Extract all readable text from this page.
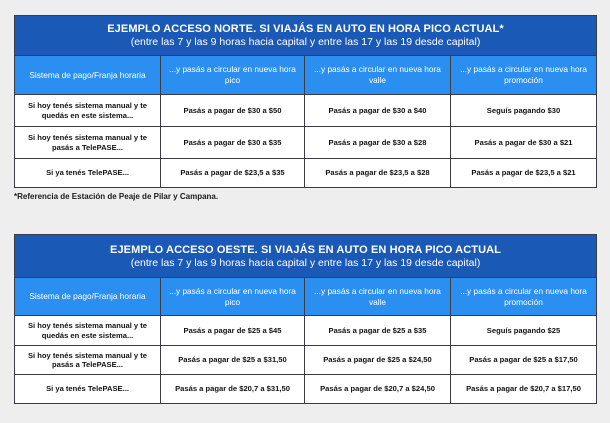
EJEMPLO ACCESO NORTE. SI VIAJÁS EN AUTO EN HORA PICO ACTUAL*
(entre las 7 y las 9 horas hacia capital y entre las 17 y las 19 desde capital)			

Sistema de pago/Franja horaria	...y pasás a circular en nueva hora pico	...y pasás a circular en nueva hora valle	...y pasás a circular en nueva hora promoción
Si hoy tenés sistema manual y te quedás en este sistema...	Pasás a pagar de $30 a $50	Pasás a pagar de $30 a $40	Seguís pagando $30
Si hoy tenés sistema manual y te pasás a TelePASE...	Pasás a pagar de $30 a $35	Pasás a pagar de $30 a $28	Pasás a pagar de $30 a $21
Si ya tenés TelePASE...	Pasás a pagar de $23,5 a $35	Pasás a pagar de $23,5 a $28	Pasás a pagar de $23,5 a $21
*Referencia de Estación de Peaje de Pilar y Campana.
EJEMPLO ACCESO OESTE. SI VIAJÁS EN AUTO EN HORA PICO ACTUAL
(entre las 7 y las 9 horas hacia capital y entre las 17 y las 19 desde capital)			

Sistema de pago/Franja horaria	...y pasás a circular en nueva hora pico	...y pasás a circular en nueva hora valle	...y pasás a circular en nueva hora promoción
Si hoy tenés sistema manual y te quedás en este sistema...	Pasás a pagar de $25 a $45	Pasás a pagar de $25 a $35	Seguís pagando $25
Si hoy tenés sistema manual y te pasás a TelePASE...	Pasás a pagar de $25 a $31,50	Pasás a pagar de $25 a $24,50	Pasás a pagar de $25 a $17,50
Si ya tenés TelePASE...	Pasás a pagar de $20,7 a $31,50	Pasás a pagar de $20,7 a $24,50	Pasás a pagar de $20,7 a $17,50
